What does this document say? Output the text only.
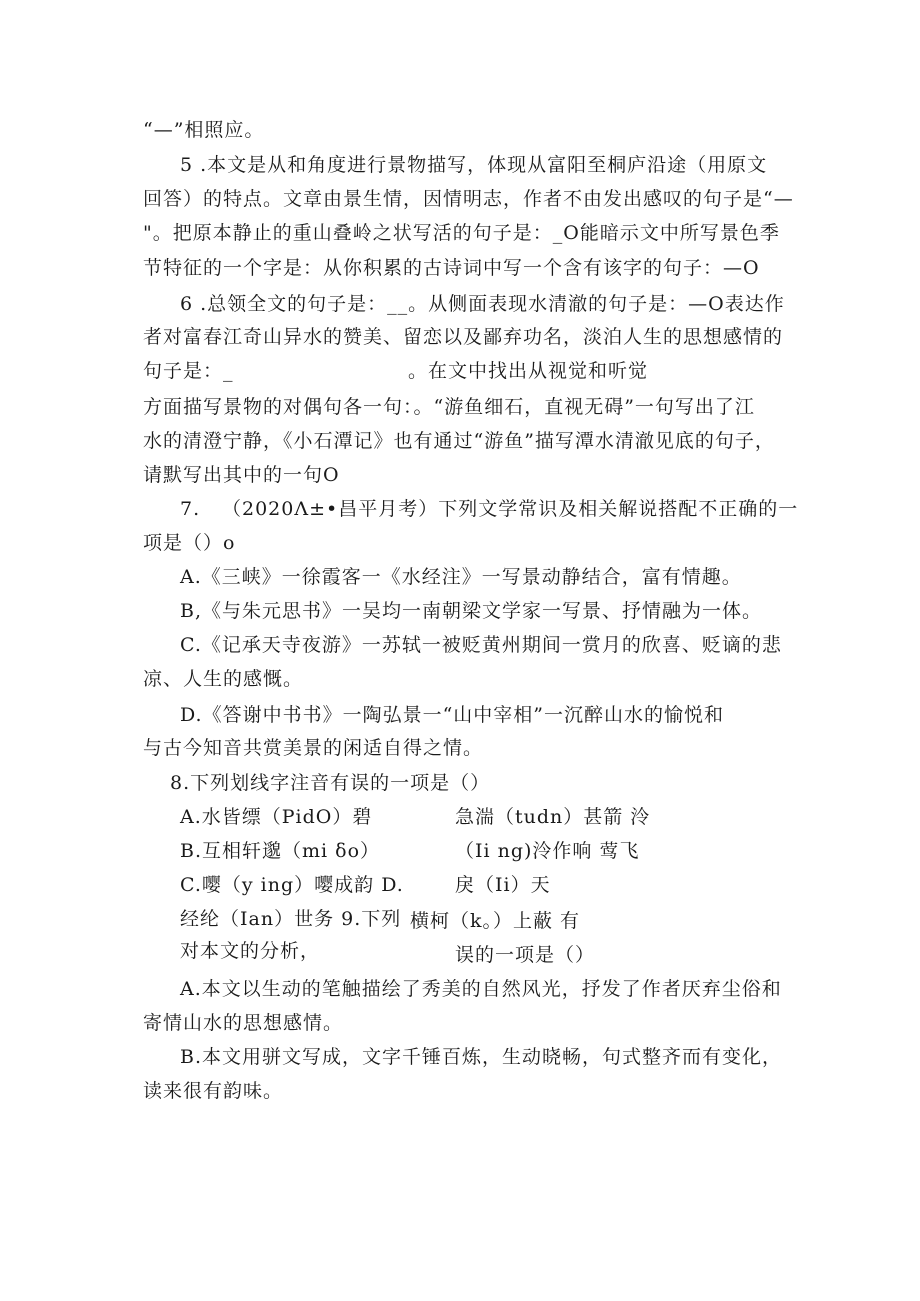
“—”相照应。
5 .本文是从和角度进行景物描写，体现从富阳至桐庐沿途（用原文
回答）的特点。文章由景生情，因情明志，作者不由发出感叹的句子是“—
"。把原本静止的重山叠岭之状写活的句子是：_O能暗示文中所写景色季
节特征的一个字是：从你积累的古诗词中写一个含有该字的句子：—O
6 .总领全文的句子是：__。从侧面表现水清澈的句子是：—O表达作
者对富春江奇山异水的赞美、留恋以及鄙弃功名，淡泊人生的思想感情的
句子是：_	。在文中找出从视觉和听觉
方面描写景物的对偶句各一句：。“游鱼细石，直视无碍”一句写出了江
水的清澄宁静，《小石潭记》也有通过“游鱼”描写潭水清澈见底的句子，
请默写出其中的一句O
7. （2020Λ±•昌平月考）下列文学常识及相关解说搭配不正确的一
项是（）o
A.《三峡》一徐霞客一《水经注》一写景动静结合，富有情趣。
B,《与朱元思书》一吴均一南朝梁文学家一写景、抒情融为一体。
C.《记承天寺夜游》一苏轼一被贬黄州期间一赏月的欣喜、贬谪的悲
凉、人生的感慨。
D.《答谢中书书》一陶弘景一“山中宰相”一沉醉山水的愉悦和
与古今知音共赏美景的闲适自得之情。
8.下列划线字注音有误的一项是（）
A.水皆缥（PidO）碧	急湍（tudn）甚箭 泠
B.互相轩邈（mi δo）	（Ii ng)泠作响 莺飞
C.嘤（y ing）嘤成韵 D.	戾（Ii）天
经纶（Ian）世务 9.下列 横柯（k。）上蔽 有
对本文的分析，	误的一项是（）
A.本文以生动的笔触描绘了秀美的自然风光，抒发了作者厌弃尘俗和
寄情山水的思想感情。
B.本文用骈文写成，文字千锤百炼，生动晓畅，句式整齐而有变化，
读来很有韵味。
